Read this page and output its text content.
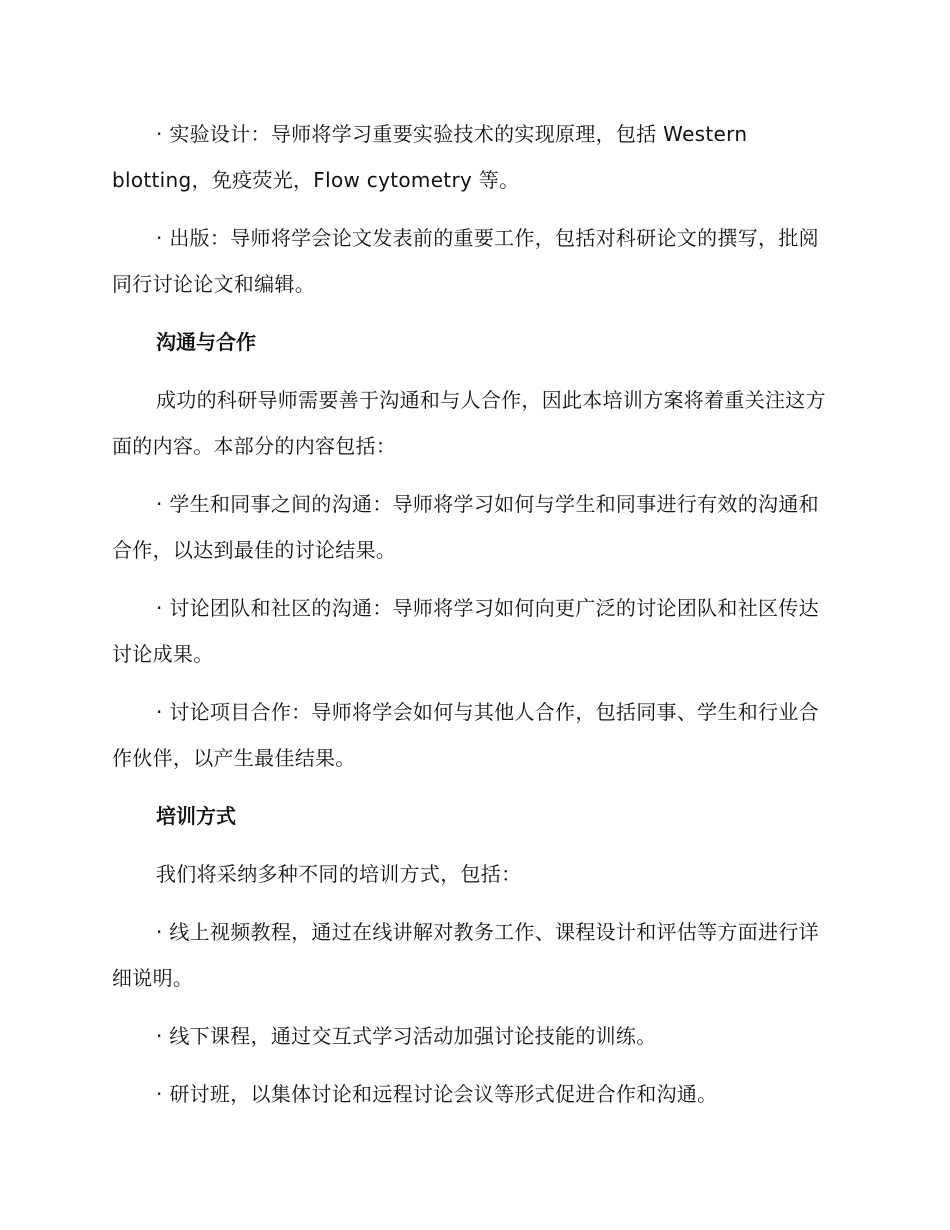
· 实验设计：导师将学习重要实验技术的实现原理，包括 Western blotting，免疫荧光，Flow cytometry 等。

· 出版：导师将学会论文发表前的重要工作，包括对科研论文的撰写，批阅同行讨论论文和编辑。

沟通与合作

成功的科研导师需要善于沟通和与人合作，因此本培训方案将着重关注这方面的内容。本部分的内容包括：

· 学生和同事之间的沟通：导师将学习如何与学生和同事进行有效的沟通和合作，以达到最佳的讨论结果。

· 讨论团队和社区的沟通：导师将学习如何向更广泛的讨论团队和社区传达讨论成果。

· 讨论项目合作：导师将学会如何与其他人合作，包括同事、学生和行业合作伙伴，以产生最佳结果。

培训方式

我们将采纳多种不同的培训方式，包括：

· 线上视频教程，通过在线讲解对教务工作、课程设计和评估等方面进行详细说明。

· 线下课程，通过交互式学习活动加强讨论技能的训练。

· 研讨班，以集体讨论和远程讨论会议等形式促进合作和沟通。
